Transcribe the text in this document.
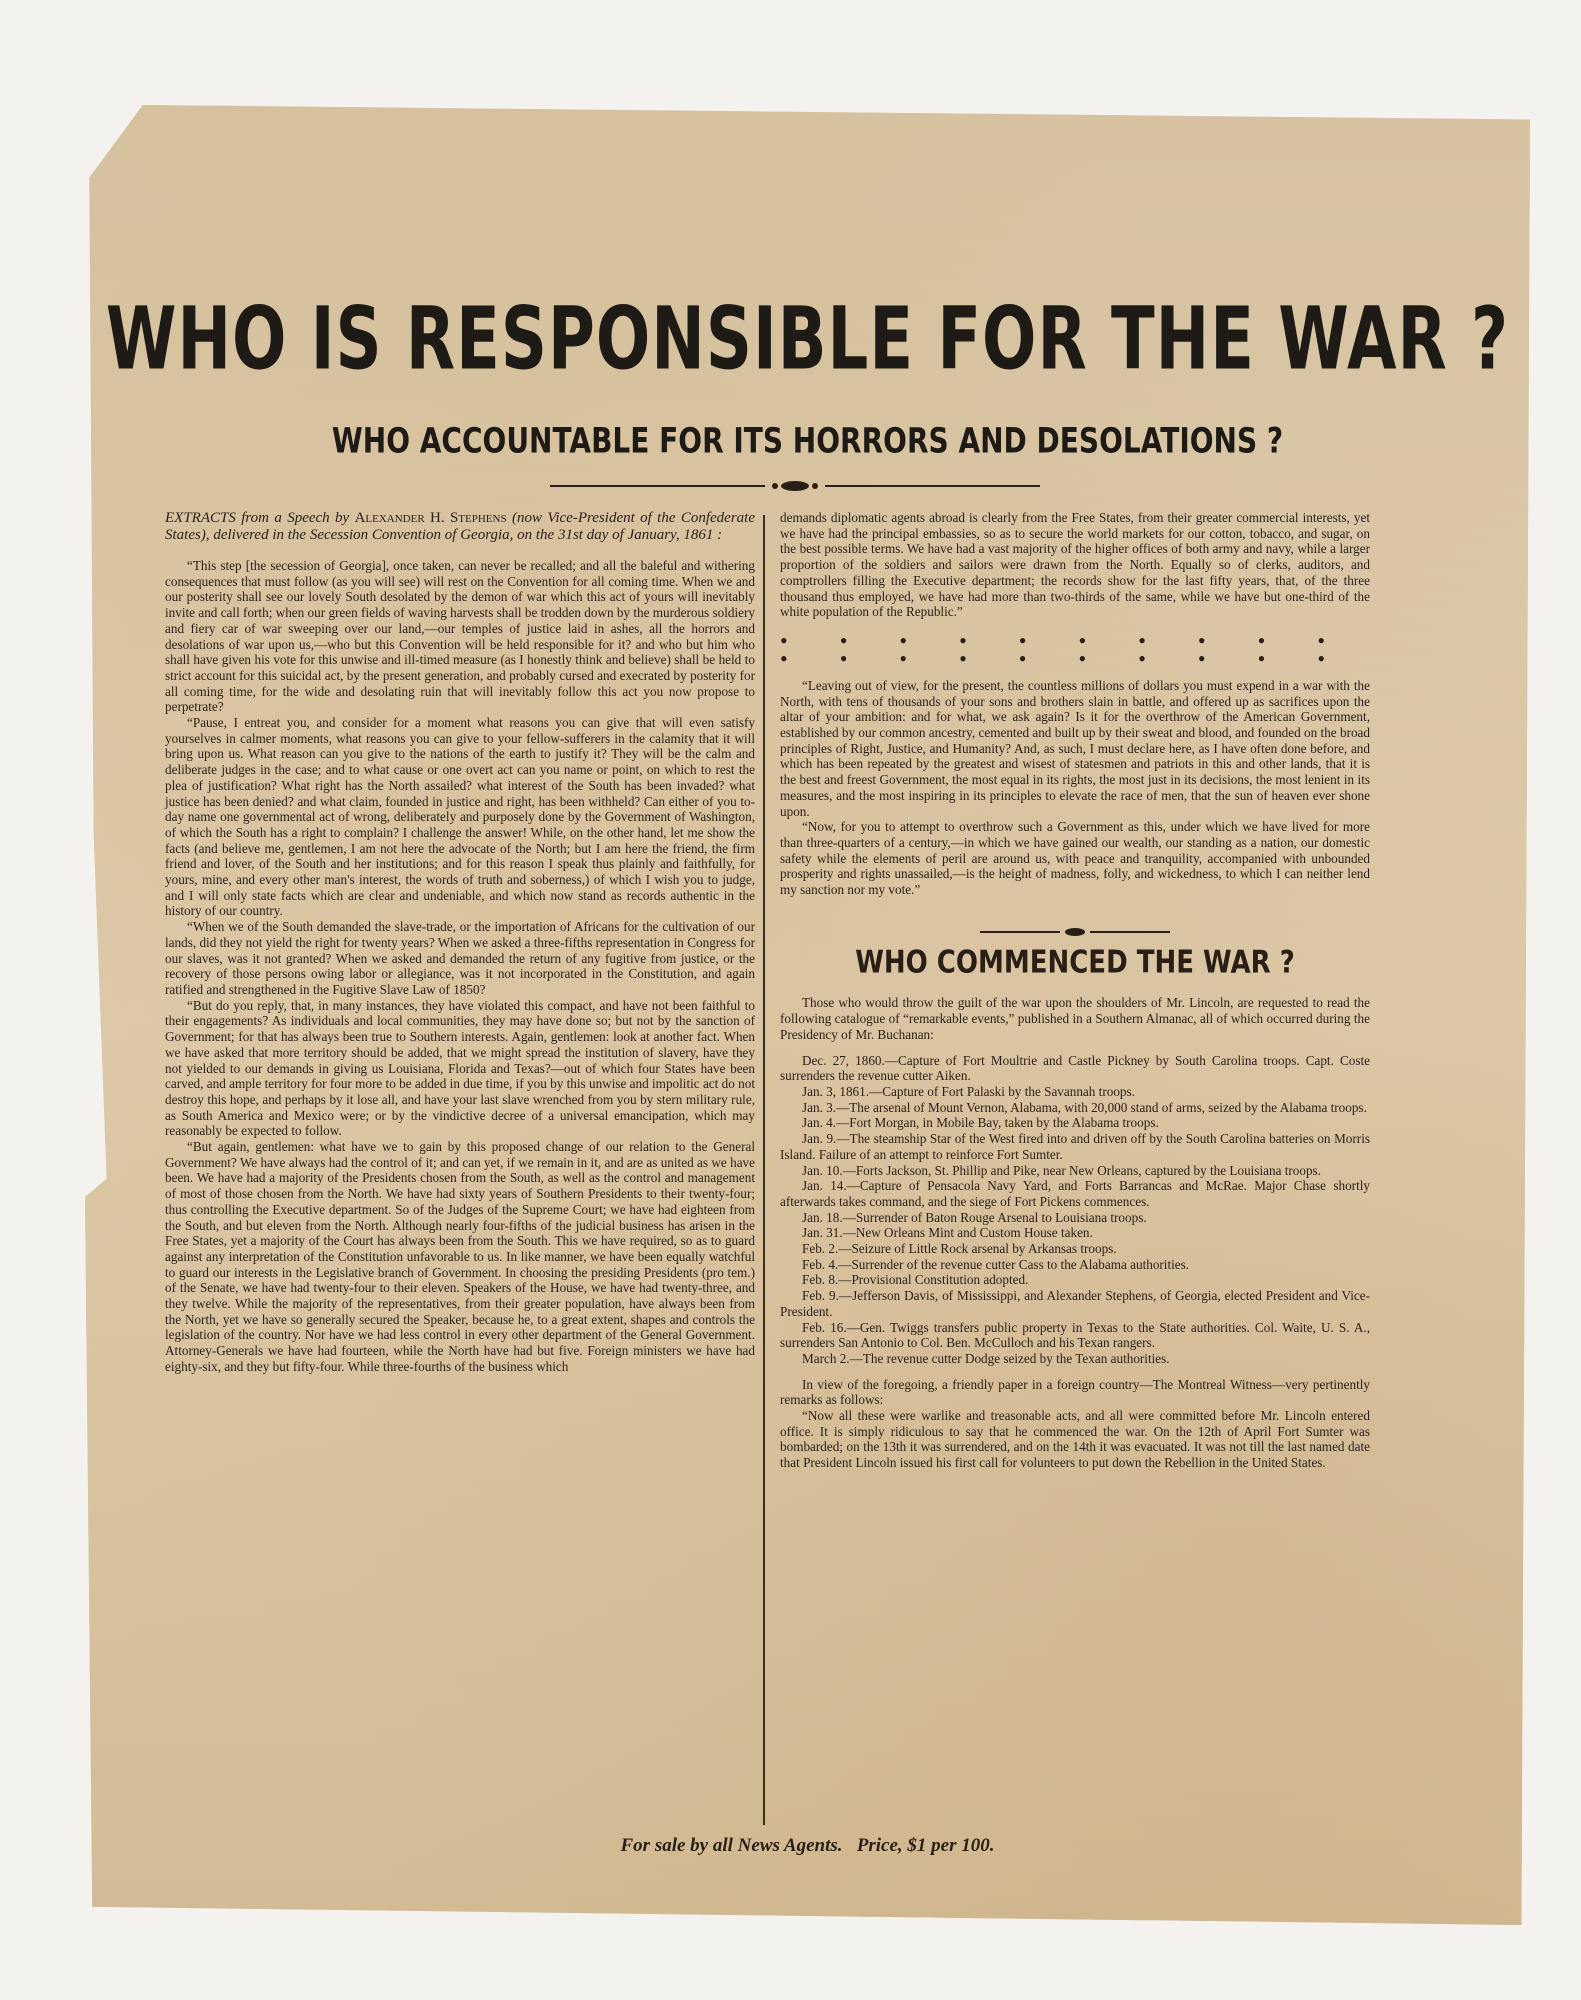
WHO IS RESPONSIBLE FOR THE WAR ?
WHO ACCOUNTABLE FOR ITS HORRORS AND DESOLATIONS ?

EXTRACTS from a Speech by Alexander H. Stephens (now Vice-President of the Confederate States), delivered in the Secession Convention of Georgia, on the 31st day of January, 1861 :

“This step [the secession of Georgia], once taken, can never be recalled; and all the baleful and withering consequences that must follow (as you will see) will rest on the Convention for all coming time. When we and our posterity shall see our lovely South desolated by the demon of war which this act of yours will inevitably invite and call forth; when our green fields of waving harvests shall be trodden down by the murderous soldiery and fiery car of war sweeping over our land,—our temples of justice laid in ashes, all the horrors and desolations of war upon us,—who but this Convention will be held responsible for it? and who but him who shall have given his vote for this unwise and ill-timed measure (as I honestly think and believe) shall be held to strict account for this suicidal act, by the present generation, and probably cursed and execrated by posterity for all coming time, for the wide and desolating ruin that will inevitably follow this act you now propose to perpetrate?

“Pause, I entreat you, and consider for a moment what reasons you can give that will even satisfy yourselves in calmer moments, what reasons you can give to your fellow-sufferers in the calamity that it will bring upon us. What reason can you give to the nations of the earth to justify it? They will be the calm and deliberate judges in the case; and to what cause or one overt act can you name or point, on which to rest the plea of justification? What right has the North assailed? what interest of the South has been invaded? what justice has been denied? and what claim, founded in justice and right, has been withheld? Can either of you to-day name one governmental act of wrong, deliberately and purposely done by the Government of Washington, of which the South has a right to complain? I challenge the answer! While, on the other hand, let me show the facts (and believe me, gentlemen, I am not here the advocate of the North; but I am here the friend, the firm friend and lover, of the South and her institutions; and for this reason I speak thus plainly and faithfully, for yours, mine, and every other man's interest, the words of truth and soberness,) of which I wish you to judge, and I will only state facts which are clear and undeniable, and which now stand as records authentic in the history of our country.

“When we of the South demanded the slave-trade, or the importation of Africans for the cultivation of our lands, did they not yield the right for twenty years? When we asked a three-fifths representation in Congress for our slaves, was it not granted? When we asked and demanded the return of any fugitive from justice, or the recovery of those persons owing labor or allegiance, was it not incorporated in the Constitution, and again ratified and strengthened in the Fugitive Slave Law of 1850?

“But do you reply, that, in many instances, they have violated this compact, and have not been faithful to their engagements? As individuals and local communities, they may have done so; but not by the sanction of Government; for that has always been true to Southern interests. Again, gentlemen: look at another fact. When we have asked that more territory should be added, that we might spread the institution of slavery, have they not yielded to our demands in giving us Louisiana, Florida and Texas?—out of which four States have been carved, and ample territory for four more to be added in due time, if you by this unwise and impolitic act do not destroy this hope, and perhaps by it lose all, and have your last slave wrenched from you by stern military rule, as South America and Mexico were; or by the vindictive decree of a universal emancipation, which may reasonably be expected to follow.

“But again, gentlemen: what have we to gain by this proposed change of our relation to the General Government? We have always had the control of it; and can yet, if we remain in it, and are as united as we have been. We have had a majority of the Presidents chosen from the South, as well as the control and management of most of those chosen from the North. We have had sixty years of Southern Presidents to their twenty-four; thus controlling the Executive department. So of the Judges of the Supreme Court; we have had eighteen from the South, and but eleven from the North. Although nearly four-fifths of the judicial business has arisen in the Free States, yet a majority of the Court has always been from the South. This we have required, so as to guard against any interpretation of the Constitution unfavorable to us. In like manner, we have been equally watchful to guard our interests in the Legislative branch of Government. In choosing the presiding Presidents (pro tem.) of the Senate, we have had twenty-four to their eleven. Speakers of the House, we have had twenty-three, and they twelve. While the majority of the representatives, from their greater population, have always been from the North, yet we have so generally secured the Speaker, because he, to a great extent, shapes and controls the legislation of the country. Nor have we had less control in every other department of the General Government. Attorney-Generals we have had fourteen, while the North have had but five. Foreign ministers we have had eighty-six, and they but fifty-four. While three-fourths of the business which

demands diplomatic agents abroad is clearly from the Free States, from their greater commercial interests, yet we have had the principal embassies, so as to secure the world markets for our cotton, tobacco, and sugar, on the best possible terms. We have had a vast majority of the higher offices of both army and navy, while a larger proportion of the soldiers and sailors were drawn from the North. Equally so of clerks, auditors, and comptrollers filling the Executive department; the records show for the last fifty years, that, of the three thousand thus employed, we have had more than two-thirds of the same, while we have but one-third of the white population of the Republic.”

••••••••••
••••••••••

“Leaving out of view, for the present, the countless millions of dollars you must expend in a war with the North, with tens of thousands of your sons and brothers slain in battle, and offered up as sacrifices upon the altar of your ambition: and for what, we ask again? Is it for the overthrow of the American Government, established by our common ancestry, cemented and built up by their sweat and blood, and founded on the broad principles of Right, Justice, and Humanity? And, as such, I must declare here, as I have often done before, and which has been repeated by the greatest and wisest of statesmen and patriots in this and other lands, that it is the best and freest Government, the most equal in its rights, the most just in its decisions, the most lenient in its measures, and the most inspiring in its principles to elevate the race of men, that the sun of heaven ever shone upon.

“Now, for you to attempt to overthrow such a Government as this, under which we have lived for more than three-quarters of a century,—in which we have gained our wealth, our standing as a nation, our domestic safety while the elements of peril are around us, with peace and tranquility, accompanied with unbounded prosperity and rights unassailed,—is the height of madness, folly, and wickedness, to which I can neither lend my sanction nor my vote.”

WHO COMMENCED THE WAR ?

Those who would throw the guilt of the war upon the shoulders of Mr. Lincoln, are requested to read the following catalogue of “remarkable events,” published in a Southern Almanac, all of which occurred during the Presidency of Mr. Buchanan:

Dec. 27, 1860.—Capture of Fort Moultrie and Castle Pickney by South Carolina troops. Capt. Coste surrenders the revenue cutter Aiken.

Jan. 3, 1861.—Capture of Fort Palaski by the Savannah troops.

Jan. 3.—The arsenal of Mount Vernon, Alabama, with 20,000 stand of arms, seized by the Alabama troops.

Jan. 4.—Fort Morgan, in Mobile Bay, taken by the Alabama troops.

Jan. 9.—The steamship Star of the West fired into and driven off by the South Carolina batteries on Morris Island. Failure of an attempt to reinforce Fort Sumter.

Jan. 10.—Forts Jackson, St. Phillip and Pike, near New Orleans, captured by the Louisiana troops.

Jan. 14.—Capture of Pensacola Navy Yard, and Forts Barrancas and McRae. Major Chase shortly afterwards takes command, and the siege of Fort Pickens commences.

Jan. 18.—Surrender of Baton Rouge Arsenal to Louisiana troops.

Jan. 31.—New Orleans Mint and Custom House taken.

Feb. 2.—Seizure of Little Rock arsenal by Arkansas troops.

Feb. 4.—Surrender of the revenue cutter Cass to the Alabama authorities.

Feb. 8.—Provisional Constitution adopted.

Feb. 9.—Jefferson Davis, of Mississippi, and Alexander Stephens, of Georgia, elected President and Vice-President.

Feb. 16.—Gen. Twiggs transfers public property in Texas to the State authorities. Col. Waite, U. S. A., surrenders San Antonio to Col. Ben. McCulloch and his Texan rangers.

March 2.—The revenue cutter Dodge seized by the Texan authorities.

In view of the foregoing, a friendly paper in a foreign country—The Montreal Witness—very pertinently remarks as follows:

“Now all these were warlike and treasonable acts, and all were committed before Mr. Lincoln entered office. It is simply ridiculous to say that he commenced the war. On the 12th of April Fort Sumter was bombarded; on the 13th it was surrendered, and on the 14th it was evacuated. It was not till the last named date that President Lincoln issued his first call for volunteers to put down the Rebellion in the United States.

For sale by all News Agents.   Price, $1 per 100.
